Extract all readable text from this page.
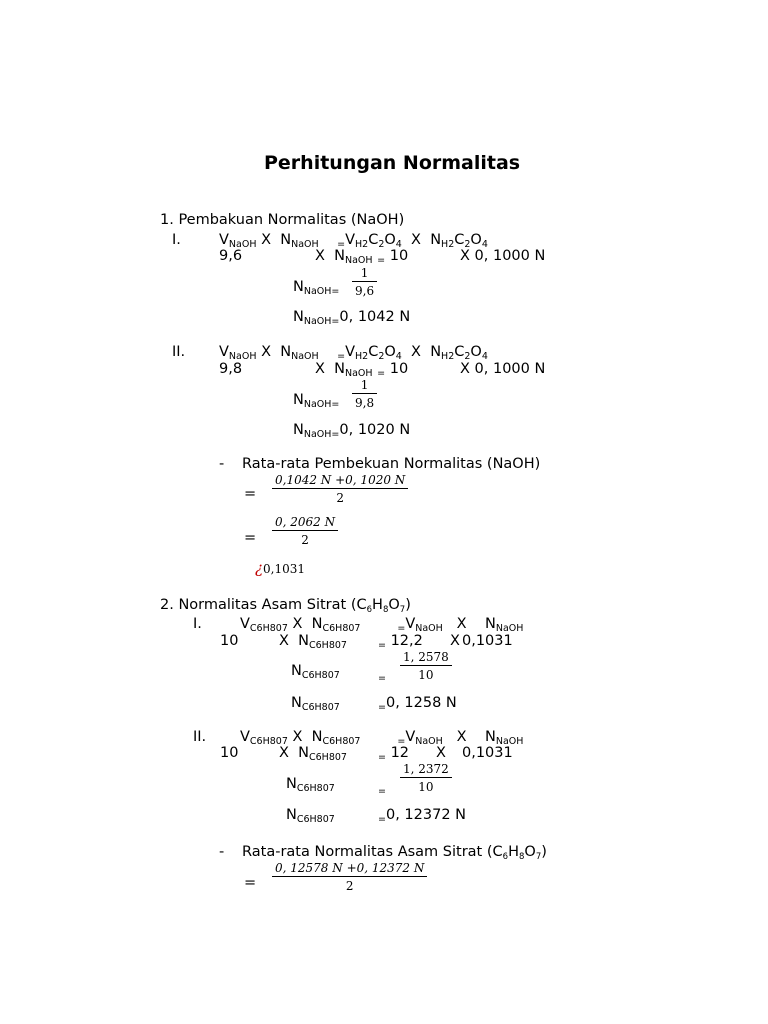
Perhitungan Normalitas
1. Pembakuan Normalitas (NaOH)
I.	$V_{NaOH}$ X  $N_{NaOH}$ $_=V_{H2}C_2O_4$  X  $N_{H2}C_2O_4$
9,6	X  $N_{NaOH}$ $_=$ 10	X 0, 1000 N
$N_{NaOH=}$
1
9,6
$N_{NaOH=}0$, 1042 N
II. $V_{NaOH}$ X  $N_{NaOH}$ $_=V_{H2}C_2O_4$  X  $N_{H2}C_2O_4$
9,8	X  $N_{NaOH}$ $_=$ 10	X 0, 1000 N
$N_{NaOH=}$
1
9,8
$N_{NaOH=}0$, 1020 N
- Rata-rata Pembekuan Normalitas (NaOH)
=
0,1042 N +0, 1020 N
2
=
0, 2062 N
2
¿0,1031
2. Normalitas Asam Sitrat $(C_6H_8O_7)$
I.	$V_{C6H807}$ X  $N_{C6H807}$	$_=V_{NaOH}$   X    $N_{NaOH}$
10	X  $N_{C6H807}$	$_=$ 12,2 X 0,1031
$N_{C6H807}$	$_=$
1, 2578
10
$N_{C6H807}$	$_=$0, 1258 N
II. $V_{C6H807}$ X  $N_{C6H807}$	$_=V_{NaOH}$   X    $N_{NaOH}$
10	X  $N_{C6H807}$	$_=$ 12 X 0,1031
$N_{C6H807}$	$_=$
1, 2372
10
$N_{C6H807}$	$_=$0, 12372 N
- Rata-rata Normalitas Asam Sitrat $(C_6H_8O_7)$
=
0, 12578 N +0, 12372 N
2
